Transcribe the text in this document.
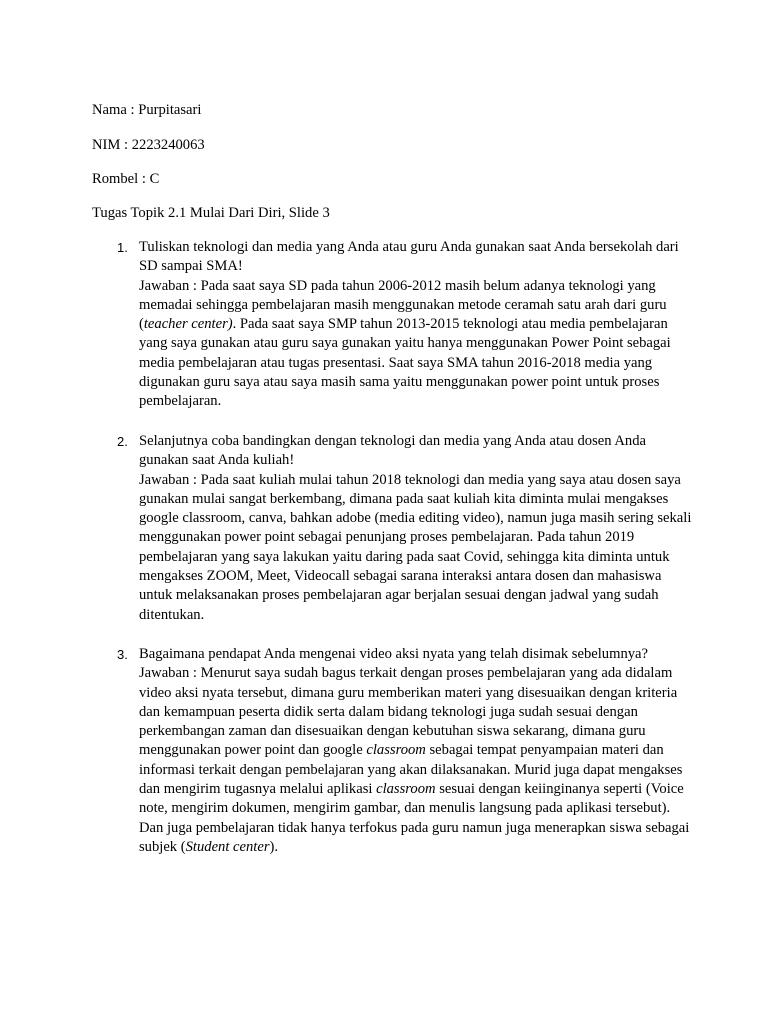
Nama : Purpitasari

NIM : 2223240063

Rombel : C

Tugas Topik 2.1 Mulai Dari Diri, Slide 3

1. Tuliskan teknologi dan media yang Anda atau guru Anda gunakan saat Anda bersekolah dari SD sampai SMA!

Jawaban : Pada saat saya SD pada tahun 2006-2012 masih belum adanya teknologi yang memadai sehingga pembelajaran masih menggunakan metode ceramah satu arah dari guru (teacher center). Pada saat saya SMP tahun 2013-2015 teknologi atau media pembelajaran yang saya gunakan atau guru saya gunakan yaitu hanya menggunakan Power Point sebagai media pembelajaran atau tugas presentasi. Saat saya SMA tahun 2016-2018 media yang digunakan guru saya atau saya masih sama yaitu menggunakan power point untuk proses pembelajaran.

2. Selanjutnya coba bandingkan dengan teknologi dan media yang Anda atau dosen Anda gunakan saat Anda kuliah!

Jawaban : Pada saat kuliah mulai tahun 2018 teknologi dan media yang saya atau dosen saya gunakan mulai sangat berkembang, dimana pada saat kuliah kita diminta mulai mengakses google classroom, canva, bahkan adobe (media editing video), namun juga masih sering sekali menggunakan power point sebagai penunjang proses pembelajaran. Pada tahun 2019 pembelajaran yang saya lakukan yaitu daring pada saat Covid, sehingga kita diminta untuk mengakses ZOOM, Meet, Videocall sebagai sarana interaksi antara dosen dan mahasiswa untuk melaksanakan proses pembelajaran agar berjalan sesuai dengan jadwal yang sudah ditentukan.

3. Bagaimana pendapat Anda mengenai video aksi nyata yang telah disimak sebelumnya?

Jawaban : Menurut saya sudah bagus terkait dengan proses pembelajaran yang ada didalam video aksi nyata tersebut, dimana guru memberikan materi yang disesuaikan dengan kriteria dan kemampuan peserta didik serta dalam bidang teknologi juga sudah sesuai dengan perkembangan zaman dan disesuaikan dengan kebutuhan siswa sekarang, dimana guru menggunakan power point dan google classroom sebagai tempat penyampaian materi dan informasi terkait dengan pembelajaran yang akan dilaksanakan. Murid juga dapat mengakses dan mengirim tugasnya melalui aplikasi classroom sesuai dengan keiinginanya seperti (Voice note, mengirim dokumen, mengirim gambar, dan menulis langsung pada aplikasi tersebut). Dan juga pembelajaran tidak hanya terfokus pada guru namun juga menerapkan siswa sebagai subjek (Student center).
